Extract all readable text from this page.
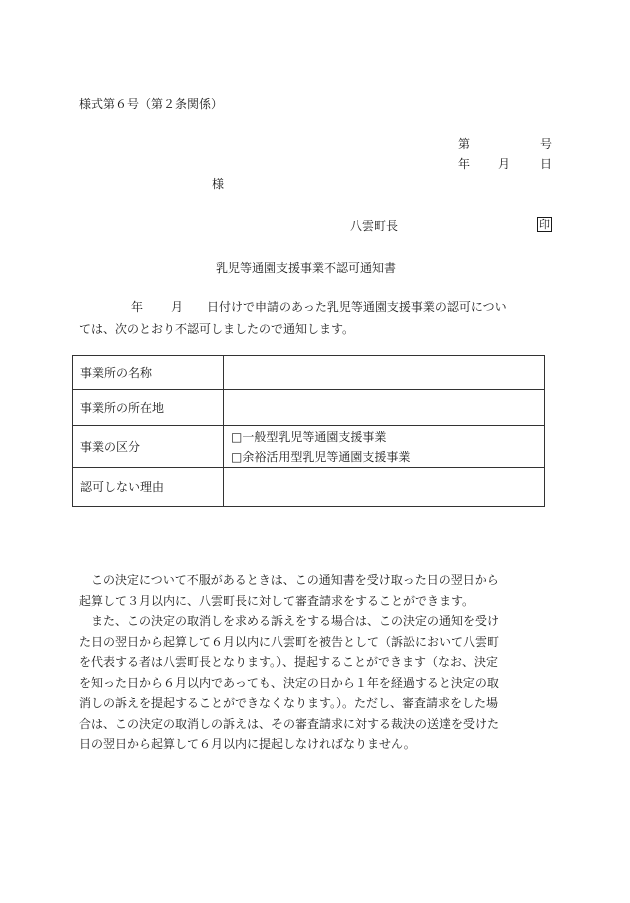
様式第６号（第２条関係）
第	号
年 月 日
様
八雲町長	印
乳児等通園支援事業不認可通知書

年 月 日付けで申請のあった乳児等通園支援事業の認可につい

ては、次のとおり不認可しましたので通知します。

事業所の名称	
事業所の所在地	
事業の区分	□一般型乳児等通園支援事業
□余裕活用型乳児等通園支援事業

認可しない理由	
この決定について不服があるときは、この通知書を受け取った日の翌日から
起算して３月以内に、八雲町長に対して審査請求をすることができます。
また、この決定の取消しを求める訴えをする場合は、この決定の通知を受け
た日の翌日から起算して６月以内に八雲町を被告として（訴訟において八雲町
を代表する者は八雲町長となります。）、提起することができます（なお、決定
を知った日から６月以内であっても、決定の日から１年を経過すると決定の取
消しの訴えを提起することができなくなります。）。ただし、審査請求をした場
合は、この決定の取消しの訴えは、その審査請求に対する裁決の送達を受けた
日の翌日から起算して６月以内に提起しなければなりません。
